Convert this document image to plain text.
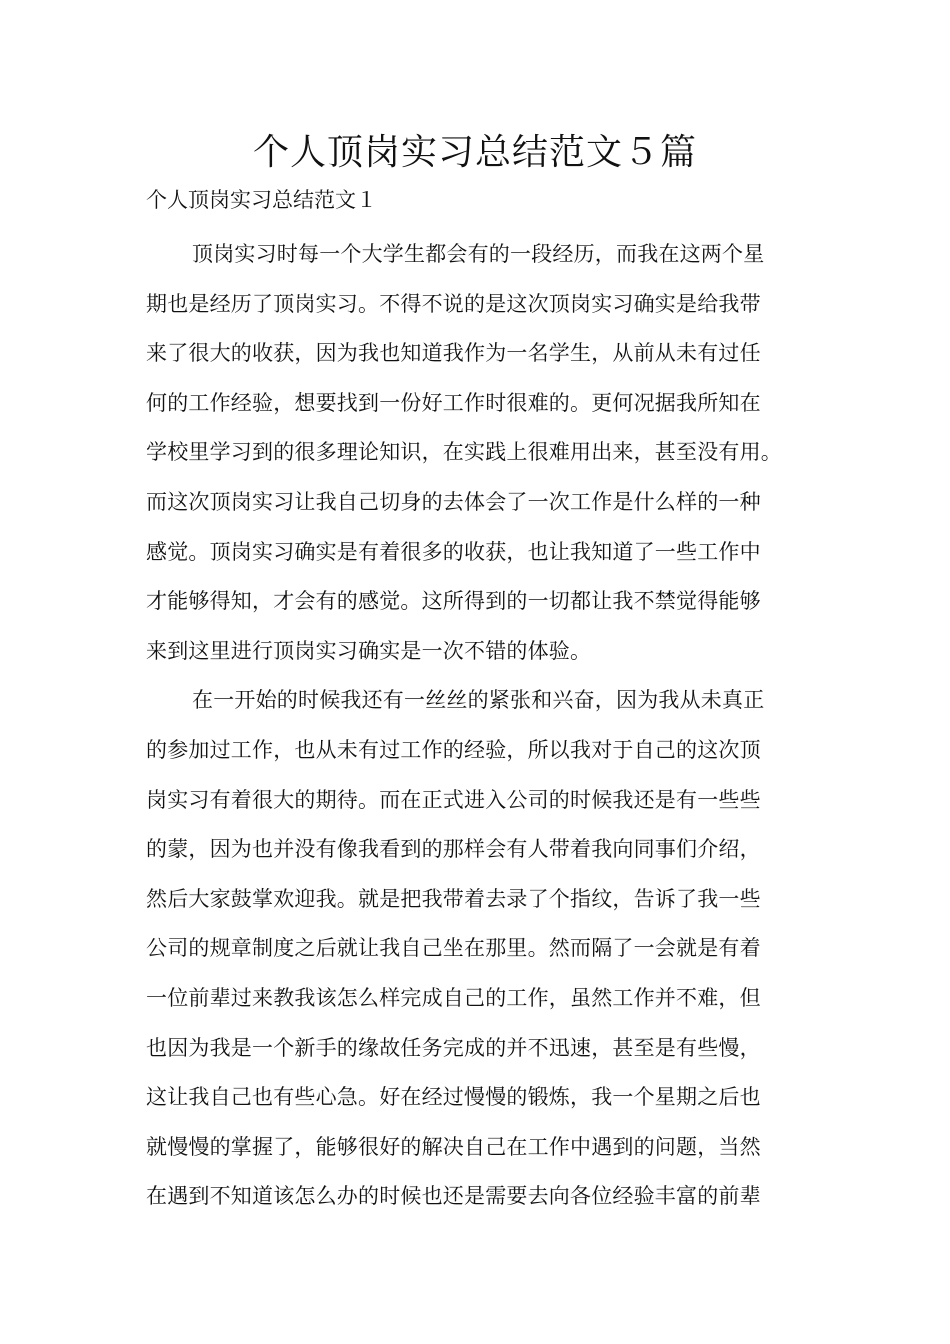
个人顶岗实习总结范文５篇
个人顶岗实习总结范文１

顶岗实习时每一个大学生都会有的一段经历，而我在这两个星
期也是经历了顶岗实习。不得不说的是这次顶岗实习确实是给我带
来了很大的收获，因为我也知道我作为一名学生，从前从未有过任
何的工作经验，想要找到一份好工作时很难的。更何况据我所知在
学校里学习到的很多理论知识，在实践上很难用出来，甚至没有用。
而这次顶岗实习让我自己切身的去体会了一次工作是什么样的一种
感觉。顶岗实习确实是有着很多的收获，也让我知道了一些工作中
才能够得知，才会有的感觉。这所得到的一切都让我不禁觉得能够
来到这里进行顶岗实习确实是一次不错的体验。

在一开始的时候我还有一丝丝的紧张和兴奋，因为我从未真正
的参加过工作，也从未有过工作的经验，所以我对于自己的这次顶
岗实习有着很大的期待。而在正式进入公司的时候我还是有一些些
的蒙，因为也并没有像我看到的那样会有人带着我向同事们介绍，
然后大家鼓掌欢迎我。就是把我带着去录了个指纹，告诉了我一些
公司的规章制度之后就让我自己坐在那里。然而隔了一会就是有着
一位前辈过来教我该怎么样完成自己的工作，虽然工作并不难，但
也因为我是一个新手的缘故任务完成的并不迅速，甚至是有些慢，
这让我自己也有些心急。好在经过慢慢的锻炼，我一个星期之后也
就慢慢的掌握了，能够很好的解决自己在工作中遇到的问题，当然
在遇到不知道该怎么办的时候也还是需要去向各位经验丰富的前辈
